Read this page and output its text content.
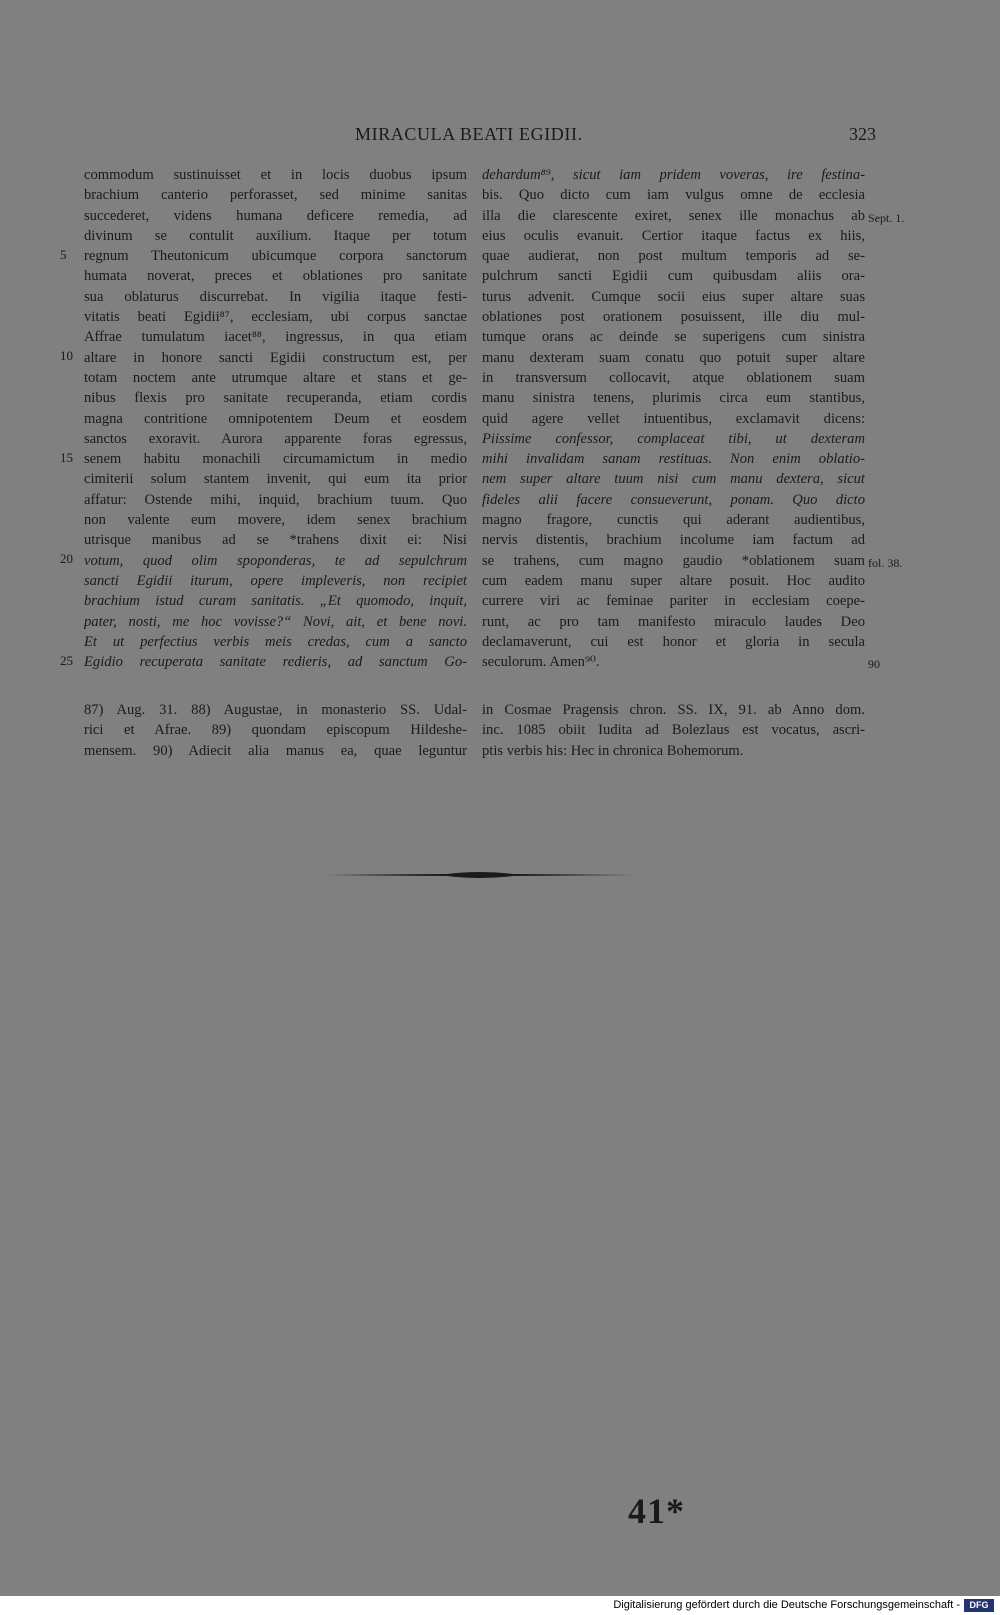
MIRACULA BEATI EGIDII.	323
5
10
15
20
25
commodum sustinuisset et in locis duobus ipsum
brachium canterio perforasset, sed minime sanitas
succederet, videns humana deficere remedia, ad
divinum se contulit auxilium. Itaque per totum
regnum Theutonicum ubicumque corpora sanctorum
humata noverat, preces et oblationes pro sanitate
sua oblaturus discurrebat. In vigilia itaque festi-
vitatis beati Egidii⁸⁷, ecclesiam, ubi corpus sanctae
Affrae tumulatum iacet⁸⁸, ingressus, in qua etiam
altare in honore sancti Egidii constructum est, per
totam noctem ante utrumque altare et stans et ge-
nibus flexis pro sanitate recuperanda, etiam cordis
magna contritione omnipotentem Deum et eosdem
sanctos exoravit. Aurora apparente foras egressus,
senem habitu monachili circumamictum in medio
cimiterii solum stantem invenit, qui eum ita prior
affatur: Ostende mihi, inquid, brachium tuum. Quo
non valente eum movere, idem senex brachium
utrisque manibus ad se *trahens dixit ei: Nisi
votum, quod olim spoponderas, te ad sepulchrum
sancti Egidii iturum, opere impleveris, non recipiet
brachium istud curam sanitatis. „Et quomodo, inquit,
pater, nosti, me hoc vovisse?“ Novi, ait, et bene novi.
Et ut perfectius verbis meis credas, cum a sancto
Egidio recuperata sanitate redieris, ad sanctum Go-
dehardum⁸⁹, sicut iam pridem voveras, ire festina-
bis. Quo dicto cum iam vulgus omne de ecclesia
illa die clarescente exiret, senex ille monachus ab
eius oculis evanuit. Certior itaque factus ex hiis,
quae audierat, non post multum temporis ad se-
pulchrum sancti Egidii cum quibusdam aliis ora-
turus advenit. Cumque socii eius super altare suas
oblationes post orationem posuissent, ille diu mul-
tumque orans ac deinde se superigens cum sinistra
manu dexteram suam conatu quo potuit super altare
in transversum collocavit, atque oblationem suam
manu sinistra tenens, plurimis circa eum stantibus,
quid agere vellet intuentibus, exclamavit dicens:
Piissime confessor, complaceat tibi, ut dexteram
mihi invalidam sanam restituas. Non enim oblatio-
nem super altare tuum nisi cum manu dextera, sicut
fideles alii facere consueverunt, ponam. Quo dicto
magno fragore, cunctis qui aderant audientibus,
nervis distentis, brachium incolume iam factum ad
se trahens, cum magno gaudio *oblationem suam
cum eadem manu super altare posuit. Hoc audito
currere viri ac feminae pariter in ecclesiam coepe-
runt, ac pro tam manifesto miraculo laudes Deo
declamaverunt, cui est honor et gloria in secula
seculorum. Amen⁹⁰.
Sept. 1.
fol. 38.
90
87) Aug. 31. 88) Augustae, in monasterio SS. Udal-
rici et Afrae. 89) quondam episcopum Hildeshe-
mensem. 90) Adiecit alia manus ea, quae leguntur
in Cosmae Pragensis chron. SS. IX, 91. ab Anno dom.
inc. 1085 obiit Iudita ad Bolezlaus est vocatus, ascri-
ptis verbis his: Hec in chronica Bohemorum.
41*
Digitalisierung gefördert durch die Deutsche Forschungsgemeinschaft -	DFG
